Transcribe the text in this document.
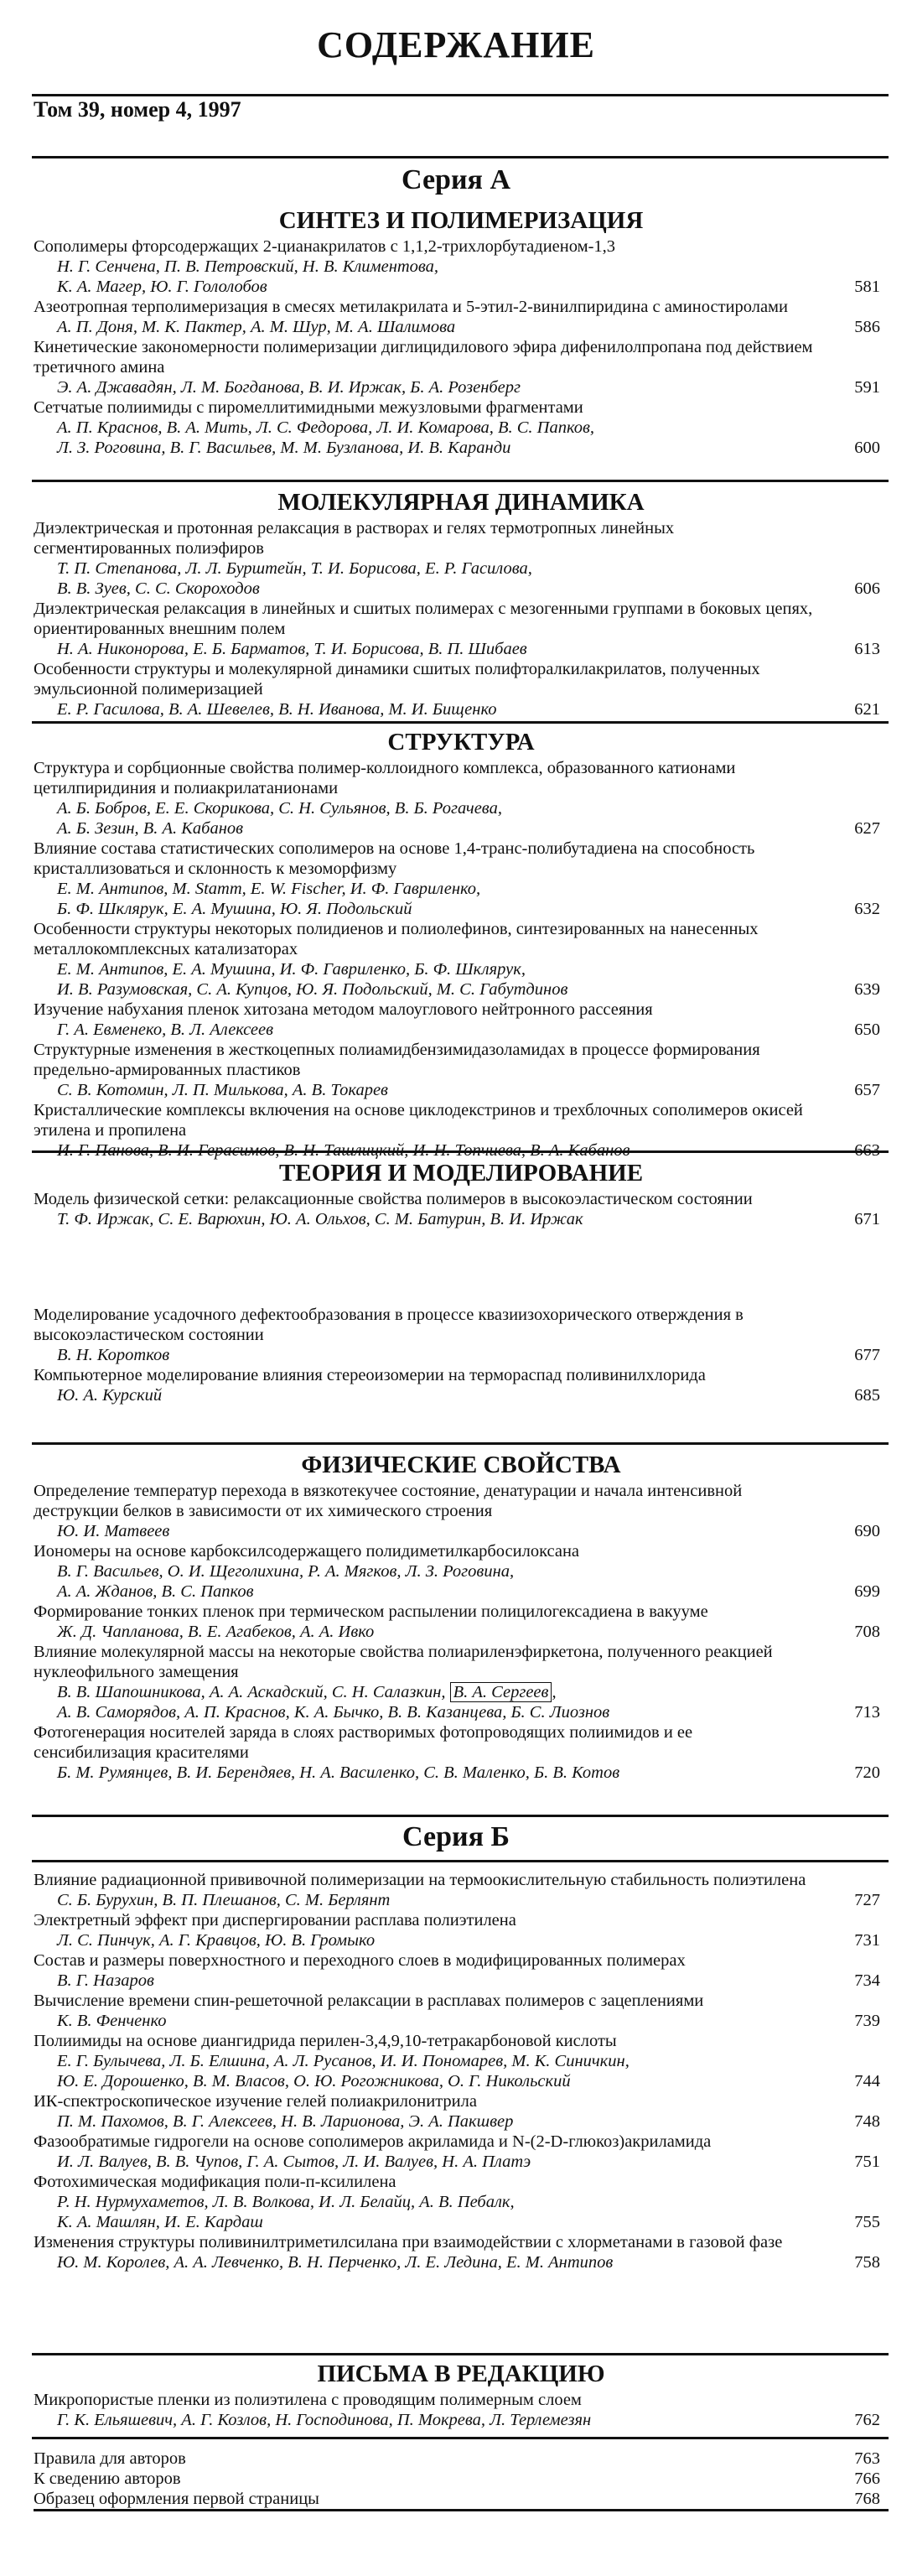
СОДЕРЖАНИЕ
Том 39, номер 4, 1997
Серия А
СИНТЕЗ И ПОЛИМЕРИЗАЦИЯ
Сополимеры фторсодержащих 2-цианакрилатов с 1,1,2-трихлорбутадиеном-1,3
Н. Г. Сенчена, П. В. Петровский, Н. В. Климентова,
К. А. Магер, Ю. Г. Гололобов	581
Азеотропная терполимеризация в смесях метилакрилата и 5-этил-2-винилпиридина с аминостиролами
А. П. Доня, М. К. Пактер, А. М. Шур, М. А. Шалимова	586
Кинетические закономерности полимеризации диглицидилового эфира дифенилолпропана под действием третичного амина
Э. А. Джавадян, Л. М. Богданова, В. И. Иржак, Б. А. Розенберг	591
Сетчатые полиимиды с пиромеллитимидными межузловыми фрагментами
А. П. Краснов, В. А. Мить, Л. С. Федорова, Л. И. Комарова, В. С. Папков,
Л. З. Роговина, В. Г. Васильев, М. М. Бузланова, И. В. Каранди	600
МОЛЕКУЛЯРНАЯ ДИНАМИКА
Диэлектрическая и протонная релаксация в растворах и гелях термотропных линейных сегментированных полиэфиров
Т. П. Степанова, Л. Л. Бурштейн, Т. И. Борисова, Е. Р. Гасилова,
В. В. Зуев, С. С. Скороходов	606
Диэлектрическая релаксация в линейных и сшитых полимерах с мезогенными группами в боковых цепях, ориентированных внешним полем
Н. А. Никонорова, Е. Б. Барматов, Т. И. Борисова, В. П. Шибаев	613
Особенности структуры и молекулярной динамики сшитых полифторалкилакрилатов, полученных эмульсионной полимеризацией
Е. Р. Гасилова, В. А. Шевелев, В. Н. Иванова, М. И. Бищенко	621
СТРУКТУРА
Структура и сорбционные свойства полимер-коллоидного комплекса, образованного катионами цетилпиридиния и полиакрилатанионами
А. Б. Бобров, Е. Е. Скорикова, С. Н. Сульянов, В. Б. Рогачева,
А. Б. Зезин, В. А. Кабанов	627
Влияние состава статистических сополимеров на основе 1,4-транс-полибутадиена на способность кристаллизоваться и склонность к мезоморфизму
Е. М. Антипов, M. Stamm, E. W. Fischer, И. Ф. Гавриленко,
Б. Ф. Шклярук, Е. А. Мушина, Ю. Я. Подольский	632
Особенности структуры некоторых полидиенов и полиолефинов, синтезированных на нанесенных металлокомплексных катализаторах
Е. М. Антипов, Е. А. Мушина, И. Ф. Гавриленко, Б. Ф. Шклярук,
И. В. Разумовская, С. А. Купцов, Ю. Я. Подольский, М. С. Габутдинов	639
Изучение набухания пленок хитозана методом малоуглового нейтронного рассеяния
Г. А. Евменеко, В. Л. Алексеев	650
Структурные изменения в жесткоцепных полиамидбензимидазоламидах в процессе формирования предельно-армированных пластиков
С. В. Котомин, Л. П. Милькова, А. В. Токарев	657
Кристаллические комплексы включения на основе циклодекстринов и трехблочных сополимеров окисей этилена и пропилена
И. Г. Панова, В. И. Герасимов, В. Н. Ташлицкий, И. Н. Топчиева, В. А. Кабанов	663
ТЕОРИЯ И МОДЕЛИРОВАНИЕ
Модель физической сетки: релаксационные свойства полимеров в высокоэластическом состоянии
Т. Ф. Иржак, С. Е. Варюхин, Ю. А. Ольхов, С. М. Батурин, В. И. Иржак	671
Моделирование усадочного дефектообразования в процессе квазиизохорического отверждения в высокоэластическом состоянии
В. Н. Коротков	677
Компьютерное моделирование влияния стереоизомерии на термораспад поливинилхлорида
Ю. А. Курский	685
ФИЗИЧЕСКИЕ СВОЙСТВА
Определение температур перехода в вязкотекучее состояние, денатурации и начала интенсивной деструкции белков в зависимости от их химического строения
Ю. И. Матвеев	690
Иономеры на основе карбоксилсодержащего полидиметилкарбосилоксана
В. Г. Васильев, О. И. Щеголихина, Р. А. Мягков, Л. З. Роговина,
А. А. Жданов, В. С. Папков	699
Формирование тонких пленок при термическом распылении полицилогексадиена в вакууме
Ж. Д. Чапланова, В. Е. Агабеков, А. А. Ивко	708
Влияние молекулярной массы на некоторые свойства полиариленэфиркетона, полученного реакцией нуклеофильного замещения
В. В. Шапошникова, А. А. Аскадский, С. Н. Салазкин, В. А. Сергеев ,
А. В. Саморядов, А. П. Краснов, К. А. Бычко, В. В. Казанцева, Б. С. Лиознов	713
Фотогенерация носителей заряда в слоях растворимых фотопроводящих полиимидов и ее сенсибилизация красителями
Б. М. Румянцев, В. И. Берендяев, Н. А. Василенко, С. В. Маленко, Б. В. Котов	720
Серия Б
Влияние радиационной прививочной полимеризации на термоокислительную стабильность полиэтилена
С. Б. Бурухин, В. П. Плешанов, С. М. Берлянт	727
Электретный эффект при диспергировании расплава полиэтилена
Л. С. Пинчук, А. Г. Кравцов, Ю. В. Громыко	731
Состав и размеры поверхностного и переходного слоев в модифицированных полимерах
В. Г. Назаров	734
Вычисление времени спин-решеточной релаксации в расплавах полимеров с зацеплениями
К. В. Фенченко	739
Полиимиды на основе диангидрида перилен-3,4,9,10-тетракарбоновой кислоты
Е. Г. Булычева, Л. Б. Елшина, А. Л. Русанов, И. И. Пономарев, М. К. Синичкин,
Ю. Е. Дорошенко, В. М. Власов, О. Ю. Рогожникова, О. Г. Никольский	744
ИК-спектроскопическое изучение гелей полиакрилонитрила
П. М. Пахомов, В. Г. Алексеев, Н. В. Ларионова, Э. А. Пакшвер	748
Фазообратимые гидрогели на основе сополимеров акриламида и N-(2-D-глюкоз)акриламида
И. Л. Валуев, В. В. Чупов, Г. А. Сытов, Л. И. Валуев, Н. А. Платэ	751
Фотохимическая модификация поли-п-ксилилена
Р. Н. Нурмухаметов, Л. В. Волкова, И. Л. Белайц, А. В. Пебалк,
К. А. Машлян, И. Е. Кардаш	755
Изменения структуры поливинилтриметилсилана при взаимодействии с хлорметанами в газовой фазе
Ю. М. Королев, А. А. Левченко, В. Н. Перченко, Л. Е. Ледина, Е. М. Антипов	758
ПИСЬМА В РЕДАКЦИЮ
Микропористые пленки из полиэтилена с проводящим полимерным слоем
Г. К. Ельяшевич, А. Г. Козлов, Н. Господинова, П. Мокрева, Л. Терлемезян	762
Правила для авторов	763
К сведению авторов	766
Образец оформления первой страницы	768
